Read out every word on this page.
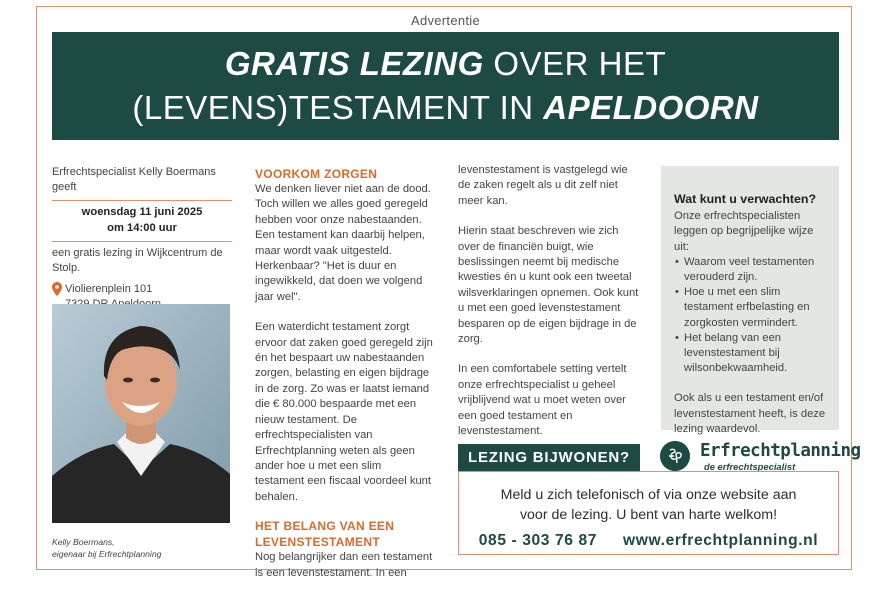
Advertentie
GRATIS LEZING OVER HET
(LEVENS)TESTAMENT IN APELDOORN

Erfrechtspecialist Kelly Boermans geeft

woensdag 11 juni 2025
om 14:00 uur
een gratis lezing in Wijkcentrum de Stolp.
Violierenplein 101
Kelly Boermans,
eigenaar bij Erfrechtplanning
VOORKOM ZORGEN

We denken liever niet aan de dood. Toch willen we alles goed geregeld hebben voor onze nabestaanden. Een testament kan daarbij helpen, maar wordt vaak uitgesteld. Herkenbaar? "Het is duur en ingewikkeld, dat doen we volgend jaar wel".

Een waterdicht testament zorgt ervoor dat zaken goed geregeld zijn én het bespaart uw nabestaanden zorgen, belasting en eigen bijdrage in de zorg. Zo was er laatst iemand die € 80.000 bespaarde met een nieuw testament. De erfrechtspecialisten van Erfrechtplanning weten als geen ander hoe u met een slim testament een fiscaal voordeel kunt behalen.

HET BELANG VAN EEN LEVENSTESTAMENT

Nog belangrijker dan een testament is een levenstestament. In een

levenstestament is vastgelegd wie de zaken regelt als u dit zelf niet meer kan.

Hierin staat beschreven wie zich over de financiën buigt, wie beslissingen neemt bij medische kwesties én u kunt ook een tweetal wilsverklaringen opnemen. Ook kunt u met een goed levenstestament besparen op de eigen bijdrage in de zorg.

In een comfortabele setting vertelt onze erfrechtspecialist u geheel vrijblijvend wat u moet weten over een goed testament en levenstestament.

Wat kunt u verwachten?
Onze erfrechtspecialisten leggen op begrijpelijke wijze uit:
• Waarom veel testamenten verouderd zijn.
• Hoe u met een slim testament erfbelasting en zorgkosten vermindert.
• Het belang van een levenstestament bij wilsonbekwaamheid.
Ook als u een testament en/of levenstestament heeft, is deze lezing waardevol.
LEZING BIJWONEN?	Erfrechtplanning
de erfrechtspecialist
Meld u zich telefonisch of via onze website aan
voor de lezing. U bent van harte welkom!
085 - 303 76 87 www.erfrechtplanning.nl
